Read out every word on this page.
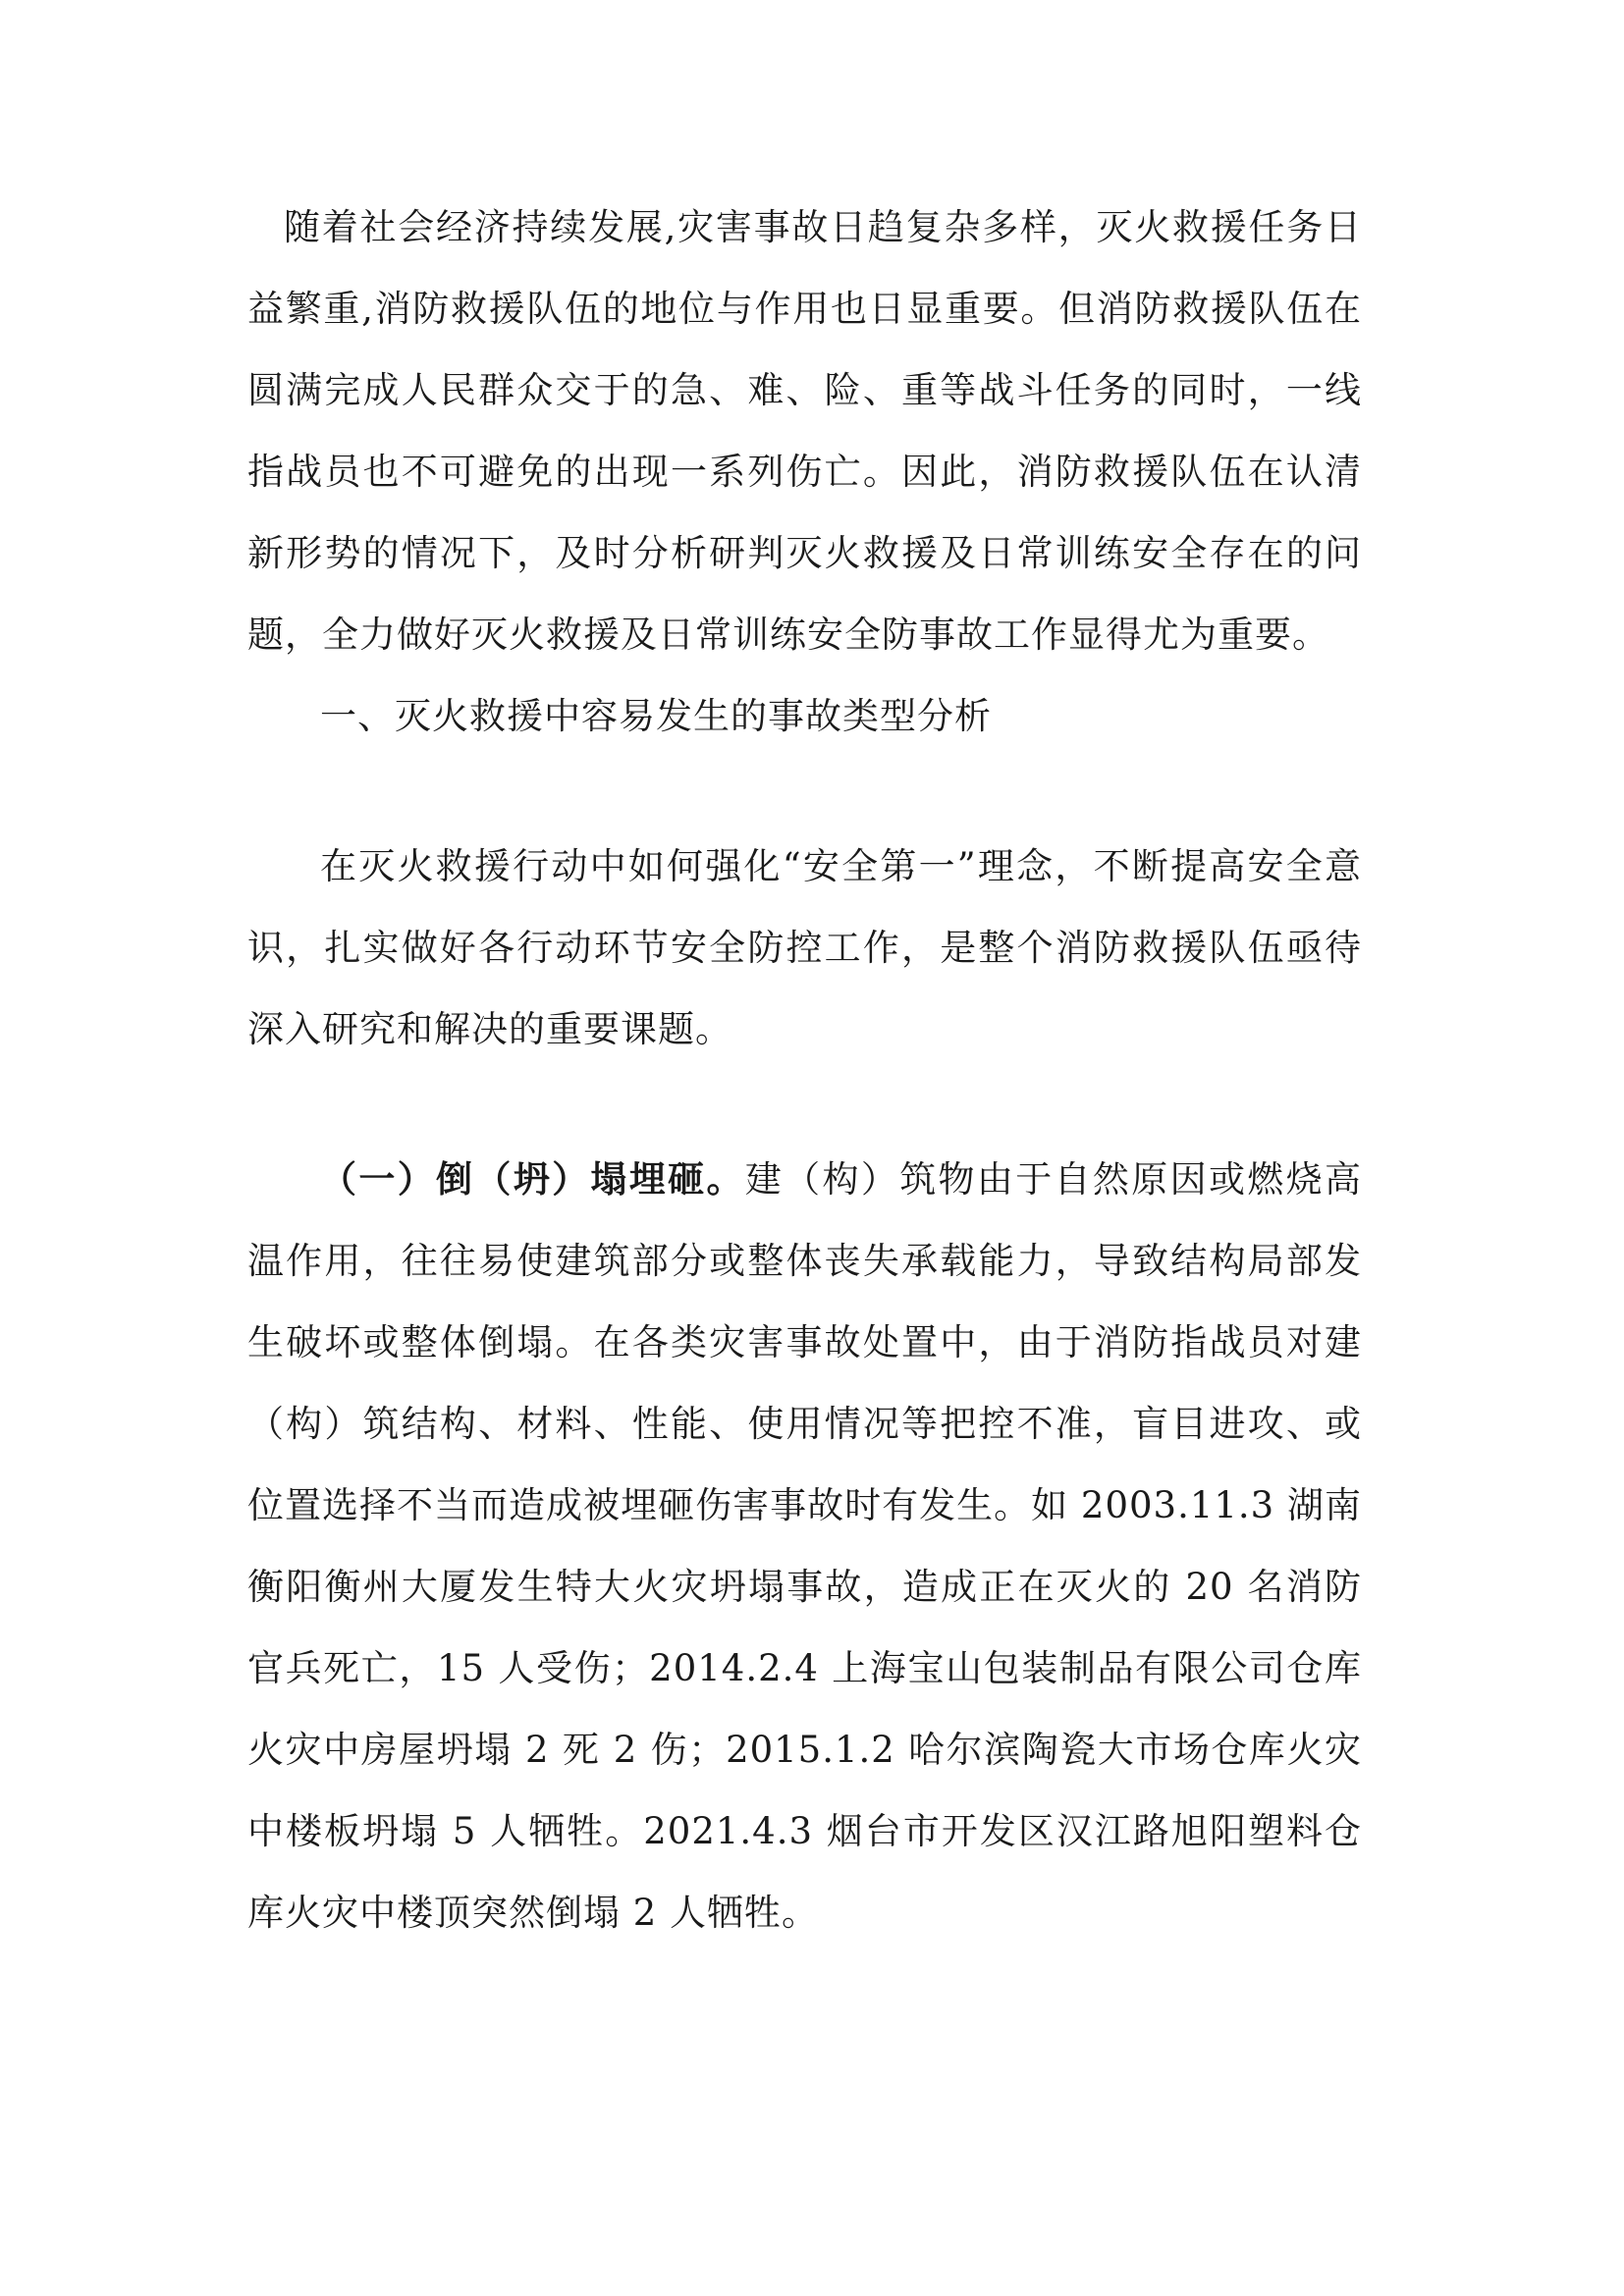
随着社会经济持续发展,灾害事故日趋复杂多样，灭火救援任务日益繁重,消防救援队伍的地位与作用也日显重要。但消防救援队伍在圆满完成人民群众交于的急、难、险、重等战斗任务的同时，一线指战员也不可避免的出现一系列伤亡。因此，消防救援队伍在认清新形势的情况下，及时分析研判灭火救援及日常训练安全存在的问题，全力做好灭火救援及日常训练安全防事故工作显得尤为重要。

一、灭火救援中容易发生的事故类型分析

在灭火救援行动中如何强化“安全第一”理念，不断提高安全意识，扎实做好各行动环节安全防控工作，是整个消防救援队伍亟待深入研究和解决的重要课题。

（一）倒（坍）塌埋砸。建（构）筑物由于自然原因或燃烧高温作用，往往易使建筑部分或整体丧失承载能力，导致结构局部发生破坏或整体倒塌。在各类灾害事故处置中，由于消防指战员对建（构）筑结构、材料、性能、使用情况等把控不准，盲目进攻、或位置选择不当而造成被埋砸伤害事故时有发生。如 2003.11.3 湖南衡阳衡州大厦发生特大火灾坍塌事故，造成正在灭火的 20 名消防官兵死亡，15 人受伤；2014.2.4 上海宝山包装制品有限公司仓库火灾中房屋坍塌 2 死 2 伤；2015.1.2 哈尔滨陶瓷大市场仓库火灾中楼板坍塌 5 人牺牲。2021.4.3 烟台市开发区汉江路旭阳塑料仓库火灾中楼顶突然倒塌 2 人牺牲。
